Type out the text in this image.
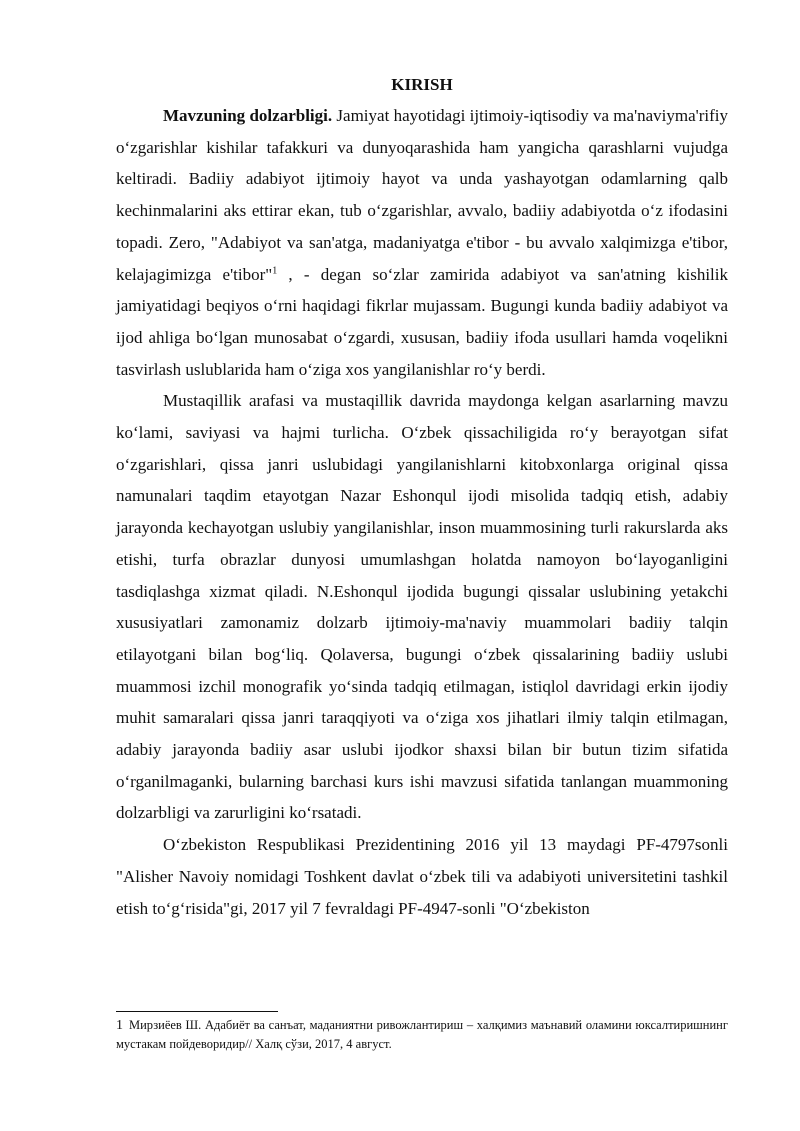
KIRISH

Mavzuning dolzarbligi. Jamiyat hayotidagi ijtimoiy-iqtisodiy va ma'naviyma'rifiy o‘zgarishlar kishilar tafakkuri va dunyoqarashida ham yangicha qarashlarni vujudga keltiradi. Badiiy adabiyot ijtimoiy hayot va unda yashayotgan odamlarning qalb kechinmalarini aks ettirar ekan, tub o‘zgarishlar, avvalo, badiiy adabiyotda o‘z ifodasini topadi. Zero, "Adabiyot va san'atga, madaniyatga e'tibor - bu avvalo xalqimizga e'tibor, kelajagimizga e'tibor"$^1$ , - degan so‘zlar zamirida adabiyot va san'atning kishilik jamiyatidagi beqiyos o‘rni haqidagi fikrlar mujassam. Bugungi kunda badiiy adabiyot va ijod ahliga bo‘lgan munosabat o‘zgardi, xususan, badiiy ifoda usullari hamda voqelikni tasvirlash uslublarida ham o‘ziga xos yangilanishlar ro‘y berdi.

Mustaqillik arafasi va mustaqillik davrida maydonga kelgan asarlarning mavzu ko‘lami, saviyasi va hajmi turlicha. O‘zbek qissachiligida ro‘y berayotgan sifat o‘zgarishlari, qissa janri uslubidagi yangilanishlarni kitobxonlarga original qissa namunalari taqdim etayotgan Nazar Eshonqul ijodi misolida tadqiq etish, adabiy jarayonda kechayotgan uslubiy yangilanishlar, inson muammosining turli rakurslarda aks etishi, turfa obrazlar dunyosi umumlashgan holatda namoyon bo‘layoganligini tasdiqlashga xizmat qiladi. N.Eshonqul ijodida bugungi qissalar uslubining yetakchi xususiyatlari zamonamiz dolzarb ijtimoiy-ma'naviy muammolari badiiy talqin etilayotgani bilan bog‘liq. Qolaversa, bugungi o‘zbek qissalarining badiiy uslubi muammosi izchil monografik yo‘sinda tadqiq etilmagan, istiqlol davridagi erkin ijodiy muhit samaralari qissa janri taraqqiyoti va o‘ziga xos jihatlari ilmiy talqin etilmagan, adabiy jarayonda badiiy asar uslubi ijodkor shaxsi bilan bir butun tizim sifatida o‘rganilmaganki, bularning barchasi kurs ishi mavzusi sifatida tanlangan muammoning dolzarbligi va zarurligini ko‘rsatadi.

O‘zbekiston Respublikasi Prezidentining 2016 yil 13 maydagi PF-4797sonli "Alisher Navoiy nomidagi Toshkent davlat o‘zbek tili va adabiyoti universitetini tashkil etish to‘g‘risida"gi, 2017 yil 7 fevraldagi PF-4947-sonli "O‘zbekiston

1 Мирзиёев Ш. Адабиёт ва санъат, маданиятни ривожлантириш – халқимиз маънавий оламини юксалтиришнинг мустакам пойдеворидир// Халқ сўзи, 2017, 4 август.
